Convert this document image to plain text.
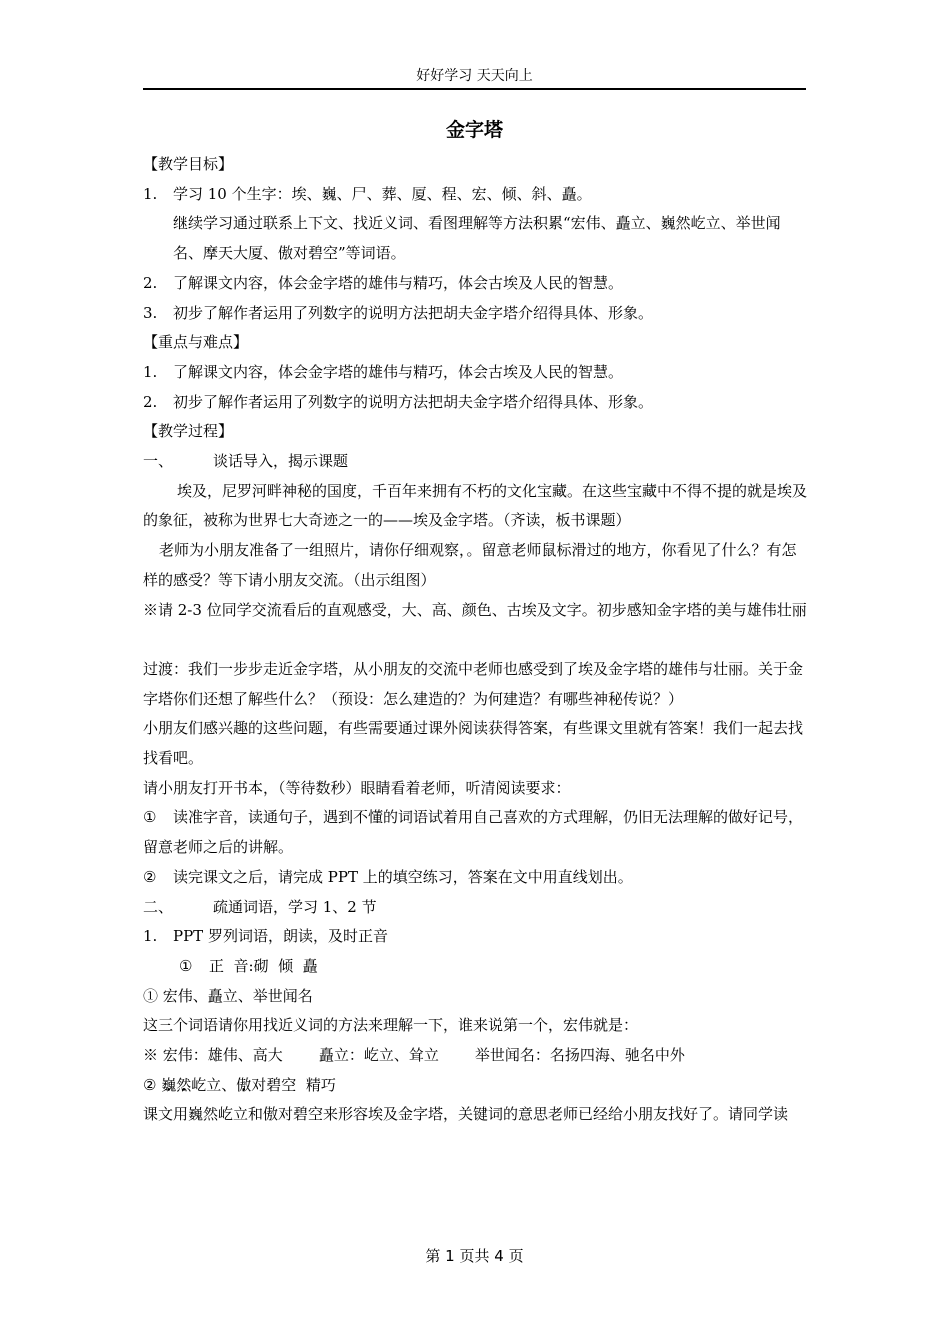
好好学习 天天向上
金字塔

【教学目标】

1. 学习 10 个生字：埃、巍、尸、葬、厦、程、宏、倾、斜、矗。

继续学习通过联系上下文、找近义词、看图理解等方法积累“宏伟、矗立、巍然屹立、举世闻名、摩天大厦、傲对碧空”等词语。

2. 了解课文内容，体会金字塔的雄伟与精巧，体会古埃及人民的智慧。

3. 初步了解作者运用了列数字的说明方法把胡夫金字塔介绍得具体、形象。

【重点与难点】

1. 了解课文内容，体会金字塔的雄伟与精巧，体会古埃及人民的智慧。

2. 初步了解作者运用了列数字的说明方法把胡夫金字塔介绍得具体、形象。

【教学过程】

一、	谈话导入，揭示课题

埃及，尼罗河畔神秘的国度，千百年来拥有不朽的文化宝藏。在这些宝藏中不得不提的就是埃及的象征，被称为世界七大奇迹之一的——埃及金字塔。（齐读，板书课题）

老师为小朋友准备了一组照片，请你仔细观察，。留意老师鼠标滑过的地方，你看见了什么？有怎样的感受？等下请小朋友交流。（出示组图）

※请 2-3 位同学交流看后的直观感受，大、高、颜色、古埃及文字。初步感知金字塔的美与雄伟壮丽

过渡：我们一步步走近金字塔，从小朋友的交流中老师也感受到了埃及金字塔的雄伟与壮丽。关于金字塔你们还想了解些什么？（预设：怎么建造的？为何建造？有哪些神秘传说？）

小朋友们感兴趣的这些问题，有些需要通过课外阅读获得答案，有些课文里就有答案！我们一起去找找看吧。

请小朋友打开书本，（等待数秒）眼睛看着老师，听清阅读要求：

① 读准字音，读通句子，遇到不懂的词语试着用自己喜欢的方式理解，仍旧无法理解的做好记号，留意老师之后的讲解。

② 读完课文之后，请完成 PPT 上的填空练习，答案在文中用直线划出。

二、	疏通词语，学习 1、2 节

1. PPT 罗列词语，朗读，及时正音

① 正  音:砌  倾  矗

① 宏伟、矗立、举世闻名

这三个词语请你用找近义词的方法来理解一下，谁来说第一个，宏伟就是：

※ 宏伟：雄伟、高大 矗立：屹立、耸立 举世闻名：名扬四海、驰名中外

② 巍 •然 •屹立、傲 •对碧空  精巧

课文用巍然屹立和傲对碧空来形容埃及金字塔，关键词的意思老师已经给小朋友找好了。请同学读

第 1 页共 4 页
